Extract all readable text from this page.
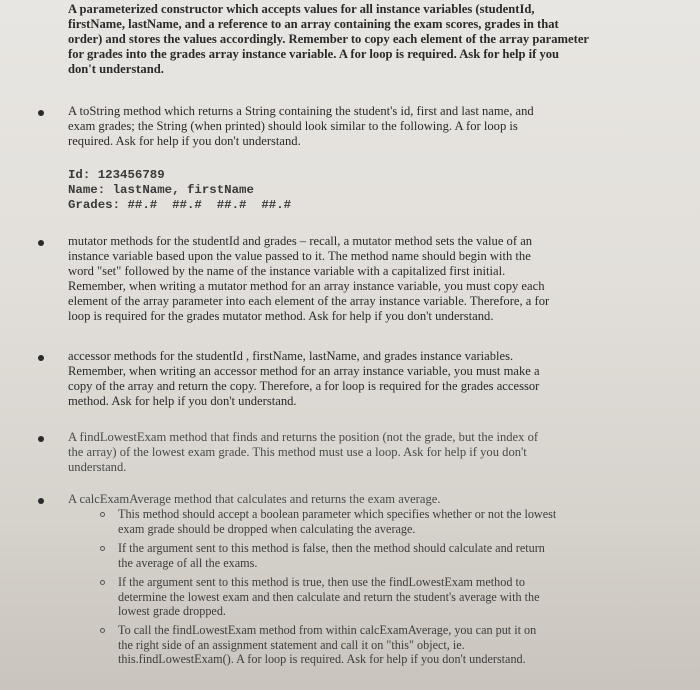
A parameterized constructor which accepts values for all instance variables (studentId,

firstName, lastName, and a reference to an array containing the exam scores, grades in that

order) and stores the values accordingly. Remember to copy each element of the array parameter

for grades into the grades array instance variable. A for loop is required. Ask for help if you

don't understand.

A toString method which returns a String containing the student's id, first and last name, and

exam grades; the String (when printed) should look similar to the following. A for loop is

required. Ask for help if you don't understand.

Id: 123456789

Name: lastName, firstName

Grades: ##.#  ##.#  ##.#  ##.#

mutator methods for the studentId and grades – recall, a mutator method sets the value of an

instance variable based upon the value passed to it. The method name should begin with the

word "set" followed by the name of the instance variable with a capitalized first initial.

Remember, when writing a mutator method for an array instance variable, you must copy each

element of the array parameter into each element of the array instance variable. Therefore, a for

loop is required for the grades mutator method. Ask for help if you don't understand.

accessor methods for the studentId , firstName, lastName, and grades instance variables.

Remember, when writing an accessor method for an array instance variable, you must make a

copy of the array and return the copy. Therefore, a for loop is required for the grades accessor

method. Ask for help if you don't understand.

A findLowestExam method that finds and returns the position (not the grade, but the index of

the array) of the lowest exam grade. This method must use a loop. Ask for help if you don't

understand.

A calcExamAverage method that calculates and returns the exam average.

This method should accept a boolean parameter which specifies whether or not the lowest

exam grade should be dropped when calculating the average.

If the argument sent to this method is false, then the method should calculate and return

the average of all the exams.

If the argument sent to this method is true, then use the findLowestExam method to

determine the lowest exam and then calculate and return the student's average with the

lowest grade dropped.

To call the findLowestExam method from within calcExamAverage, you can put it on

the right side of an assignment statement and call it on "this" object, ie.

this.findLowestExam(). A for loop is required. Ask for help if you don't understand.
